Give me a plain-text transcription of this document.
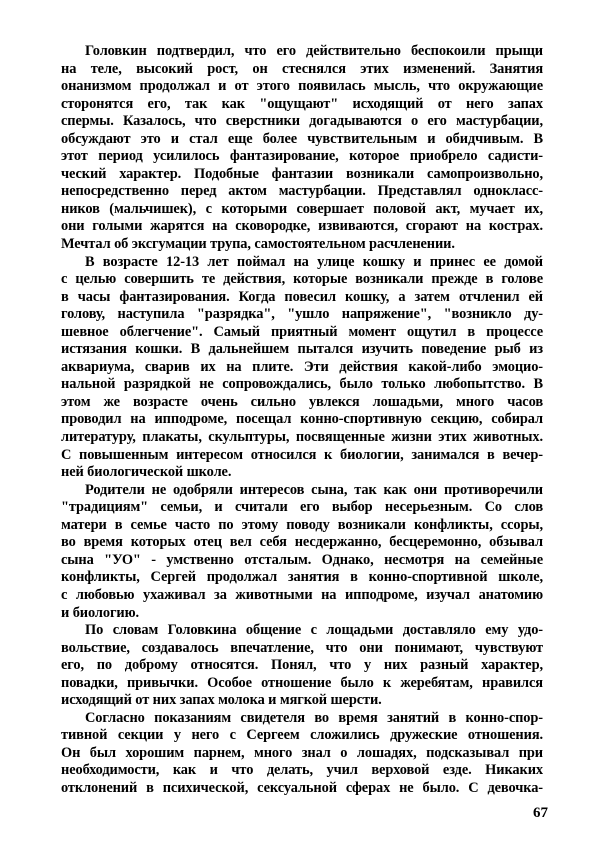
Головкин подтвердил, что его действительно беспокоили прыщи
на теле, высокий рост, он стеснялся этих изменений. Занятия
онанизмом продолжал и от этого появилась мысль, что окружающие
сторонятся его, так как "ощущают" исходящий от него запах
спермы. Казалось, что сверстники догадываются о его мастурбации,
обсуждают это и стал еще более чувствительным и обидчивым. В
этот период усилилось фантазирование, которое приобрело садисти-
ческий характер. Подобные фантазии возникали самопроизвольно,
непосредственно перед актом мастурбации. Представлял однокласс-
ников (мальчишек), с которыми совершает половой акт, мучает их,
они голыми жарятся на сковородке, извиваются, сгорают на кострах.
Мечтал об эксгумации трупа, самостоятельном расчленении.
В возрасте 12-13 лет поймал на улице кошку и принес ее домой
с целью совершить те действия, которые возникали прежде в голове
в часы фантазирования. Когда повесил кошку, а затем отчленил ей
голову, наступила "разрядка", "ушло напряжение", "возникло ду-
шевное облегчение". Самый приятный момент ощутил в процессе
истязания кошки. В дальнейшем пытался изучить поведение рыб из
аквариума, сварив их на плите. Эти действия какой-либо эмоцио-
нальной разрядкой не сопровождались, было только любопытство. В
этом же возрасте очень сильно увлекся лошадьми, много часов
проводил на ипподроме, посещал конно-спортивную секцию, собирал
литературу, плакаты, скульптуры, посвященные жизни этих животных.
С повышенным интересом относился к биологии, занимался в вечер-
ней биологической школе.
Родители не одобряли интересов сына, так как они противоречили
"традициям" семьи, и считали его выбор несерьезным. Со слов
матери в семье часто по этому поводу возникали конфликты, ссоры,
во время которых отец вел себя несдержанно, бесцеремонно, обзывал
сына "УО" - умственно отсталым. Однако, несмотря на семейные
конфликты, Сергей продолжал занятия в конно-спортивной школе,
с любовью ухаживал за животными на ипподроме, изучал анатомию
и биологию.
По словам Головкина общение с лощадьми доставляло ему удо-
вольствие, создавалось впечатление, что они понимают, чувствуют
его, по доброму относятся. Понял, что у них разный характер,
повадки, привычки. Особое отношение было к жеребятам, нравился
исходящий от них запах молока и мягкой шерсти.
Согласно показаниям свидетеля во время занятий в конно-спор-
тивной секции у него с Сергеем сложились дружеские отношения.
Он был хорошим парнем, много знал о лошадях, подсказывал при
необходимости, как и что делать, учил верховой езде. Никаких
отклонений в психической, сексуальной сферах не было. С девочка-
67
